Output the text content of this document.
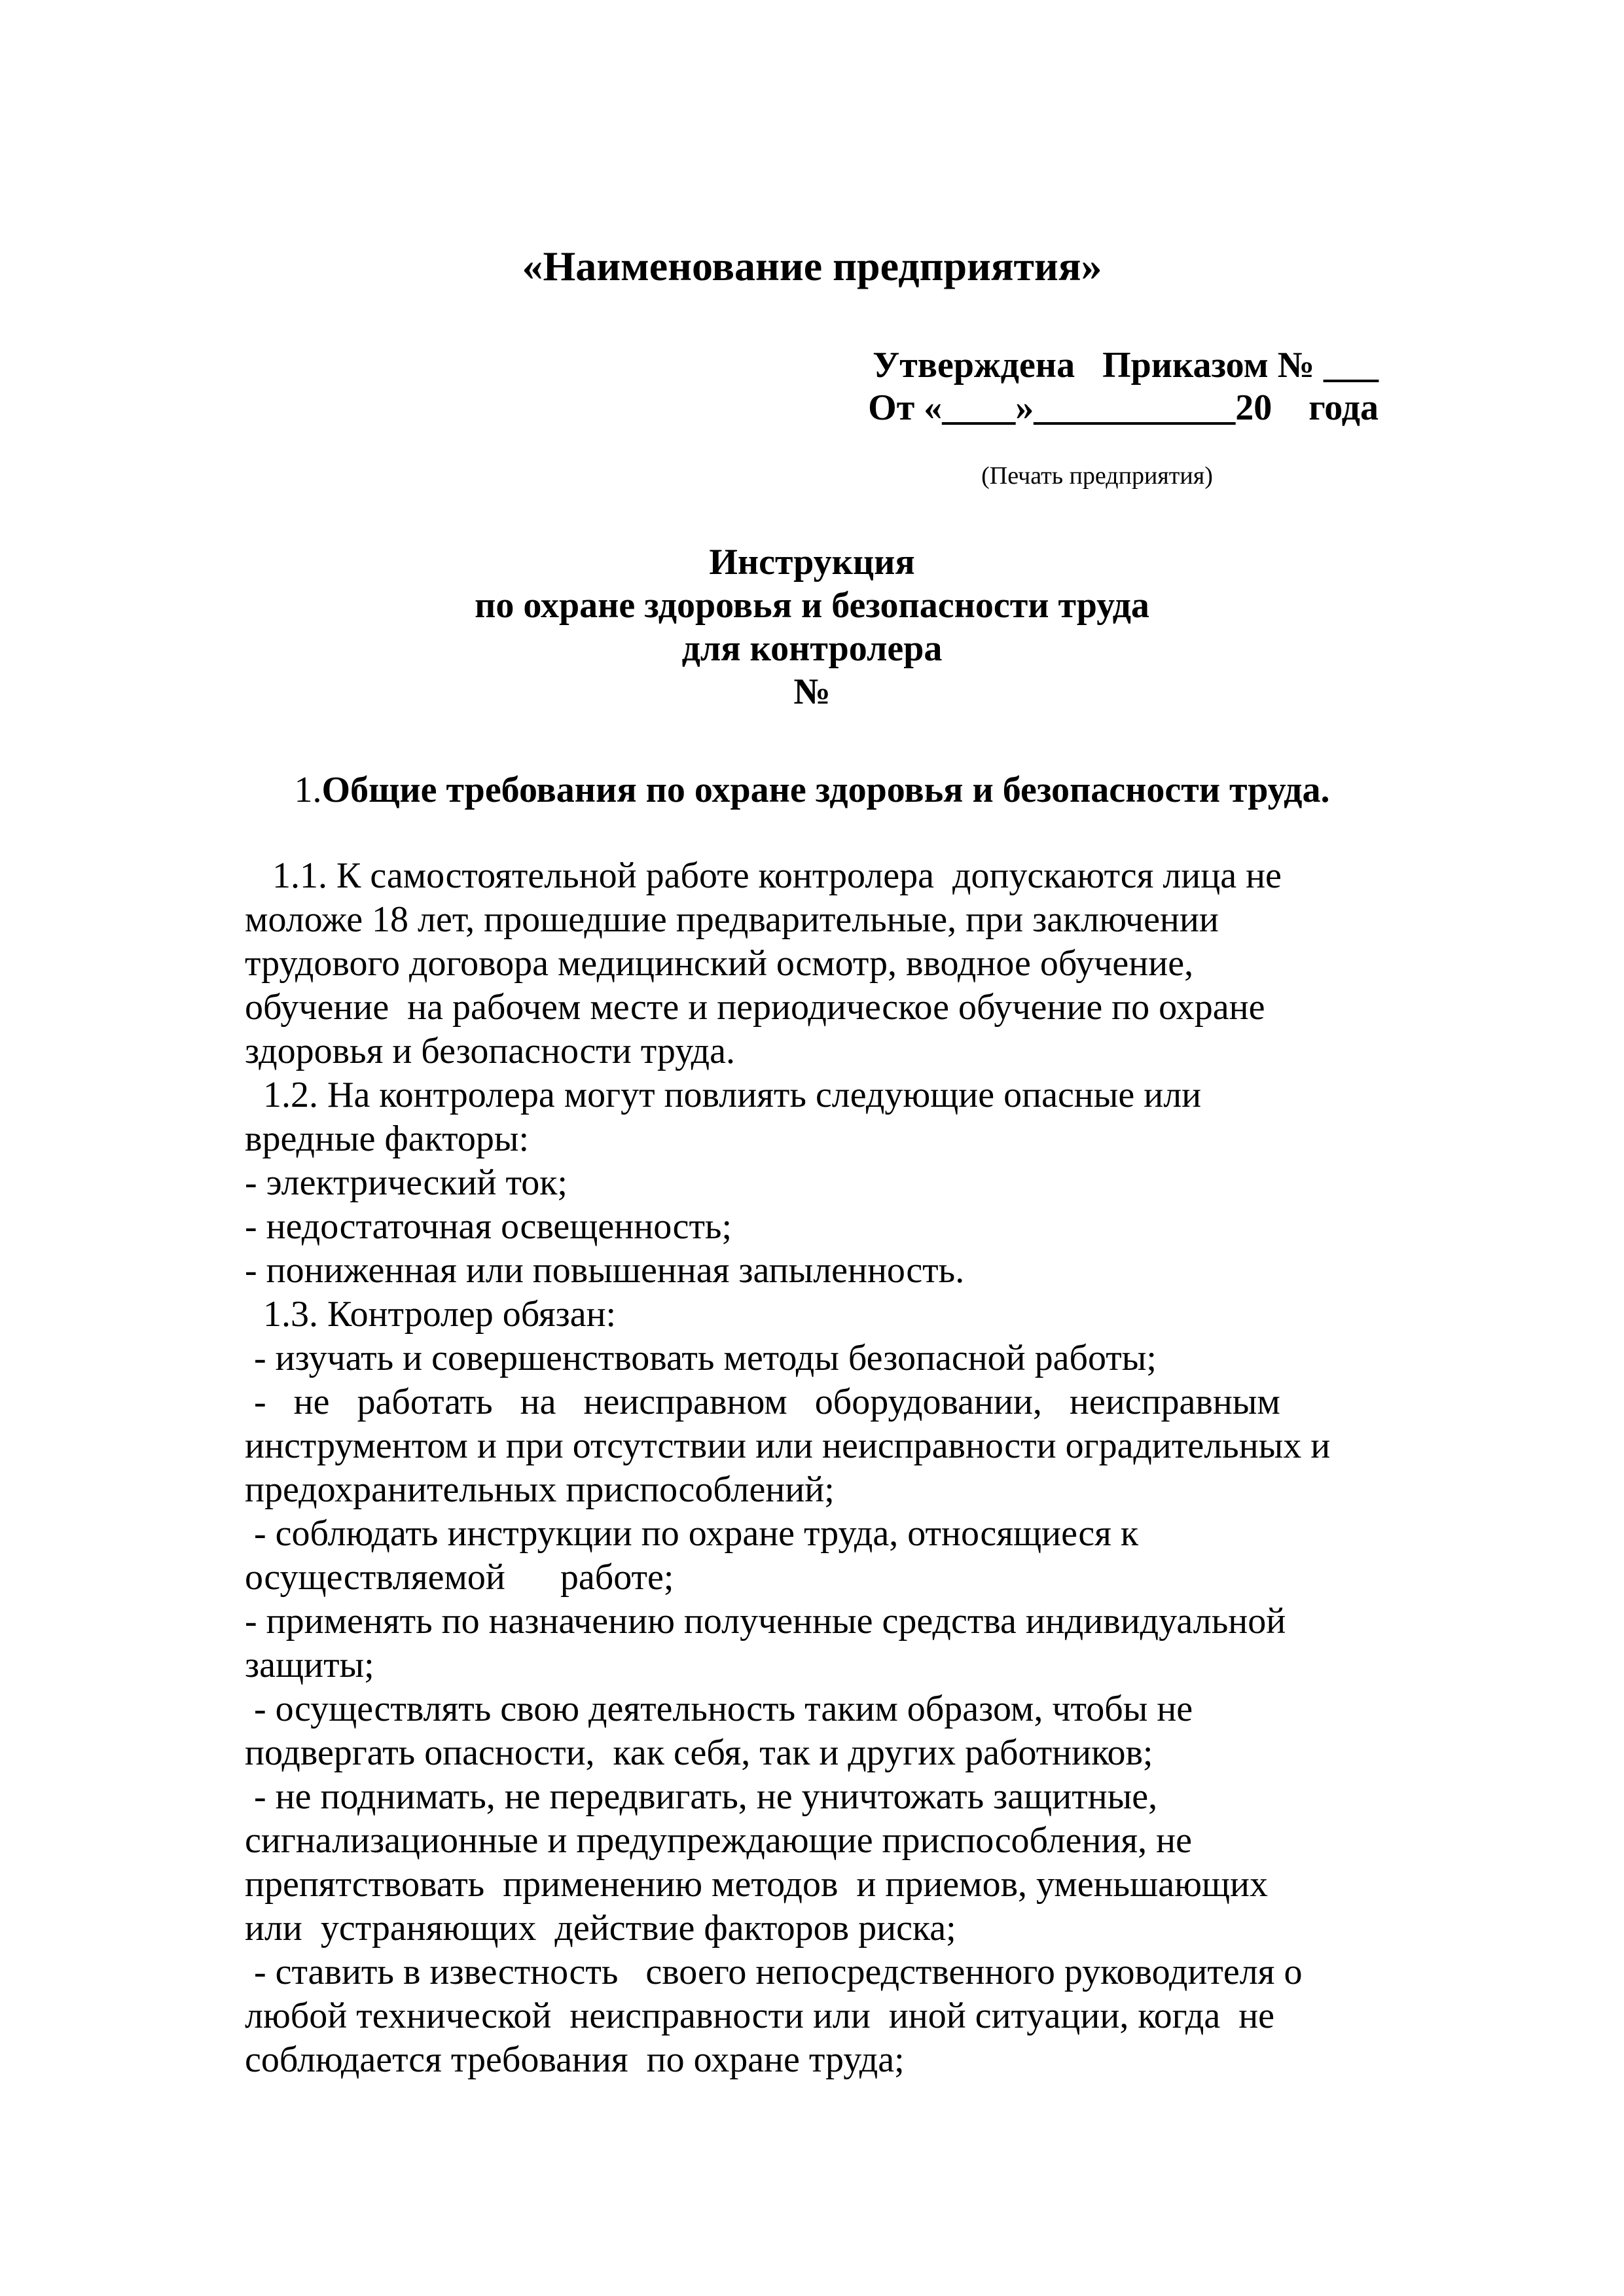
«Наименование предприятия»
Утверждена   Приказом № ___
От «____»___________20    года
(Печать предприятия)
Инструкция
по охране здоровья и безопасности труда
для контролера
№
1.Общие требования по охране здоровья и безопасности труда.
1.1. К самостоятельной работе контролера  допускаются лица не
моложе 18 лет, прошедшие предварительные, при заключении
трудового договора медицинский осмотр, вводное обучение,
обучение  на рабочем месте и периодическое обучение по охране
здоровья и безопасности труда.
1.2. На контролера могут повлиять следующие опасные или
вредные факторы:
- электрический ток;
- недостаточная освещенность;
- пониженная или повышенная запыленность.
1.3. Контролер обязан:
- изучать и совершенствовать методы безопасной работы;
-   не   работать   на   неисправном   оборудовании,   неисправным
инструментом и при отсутствии или неисправности оградительных и
предохранительных приспособлений;
- соблюдать инструкции по охране труда, относящиеся к
осуществляемой      работе;
- применять по назначению полученные средства индивидуальной
защиты;
- осуществлять свою деятельность таким образом, чтобы не
подвергать опасности,  как себя, так и других работников;
- не поднимать, не передвигать, не уничтожать защитные,
сигнализационные и предупреждающие приспособления, не
препятствовать  применению методов  и приемов, уменьшающих
или  устраняющих  действие факторов риска;
- ставить в известность   своего непосредственного руководителя о
любой технической  неисправности или  иной ситуации, когда  не
соблюдается требования  по охране труда;
